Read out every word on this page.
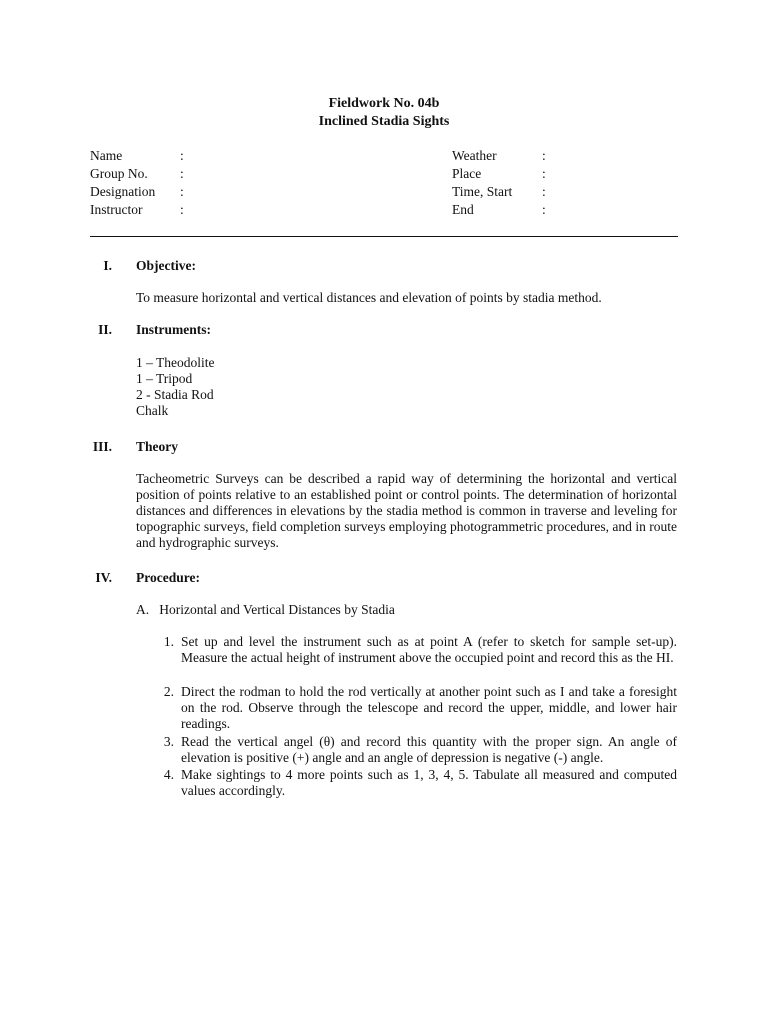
Fieldwork No. 04b
Inclined Stadia Sights
Name	:
Group No. :
Designation :
Instructor	:
Weather	:
Place	:
Time, Start :
End	:
I. Objective:
To measure horizontal and vertical distances and elevation of points by stadia method.
II. Instruments:
1 – Theodolite
1 – Tripod
2 - Stadia Rod
Chalk
III. Theory
Tacheometric Surveys can be described a rapid way of determining the horizontal and vertical position of points relative to an established point or control points. The determination of horizontal distances and differences in elevations by the stadia method is common in traverse and leveling for topographic surveys, field completion surveys employing photogrammetric procedures, and in route and hydrographic surveys.
IV. Procedure:
A.   Horizontal and Vertical Distances by Stadia
1. Set up and level the instrument such as at point A (refer to sketch for sample set-up). Measure the actual height of instrument above the occupied point and record this as the HI.
2. Direct the rodman to hold the rod vertically at another point such as I and take a foresight on the rod. Observe through the telescope and record the upper, middle, and lower hair readings.
3. Read the vertical angel (θ) and record this quantity with the proper sign. An angle of elevation is positive (+) angle and an angle of depression is negative (-) angle.
4. Make sightings to 4 more points such as 1, 3, 4, 5. Tabulate all measured and computed values accordingly.
